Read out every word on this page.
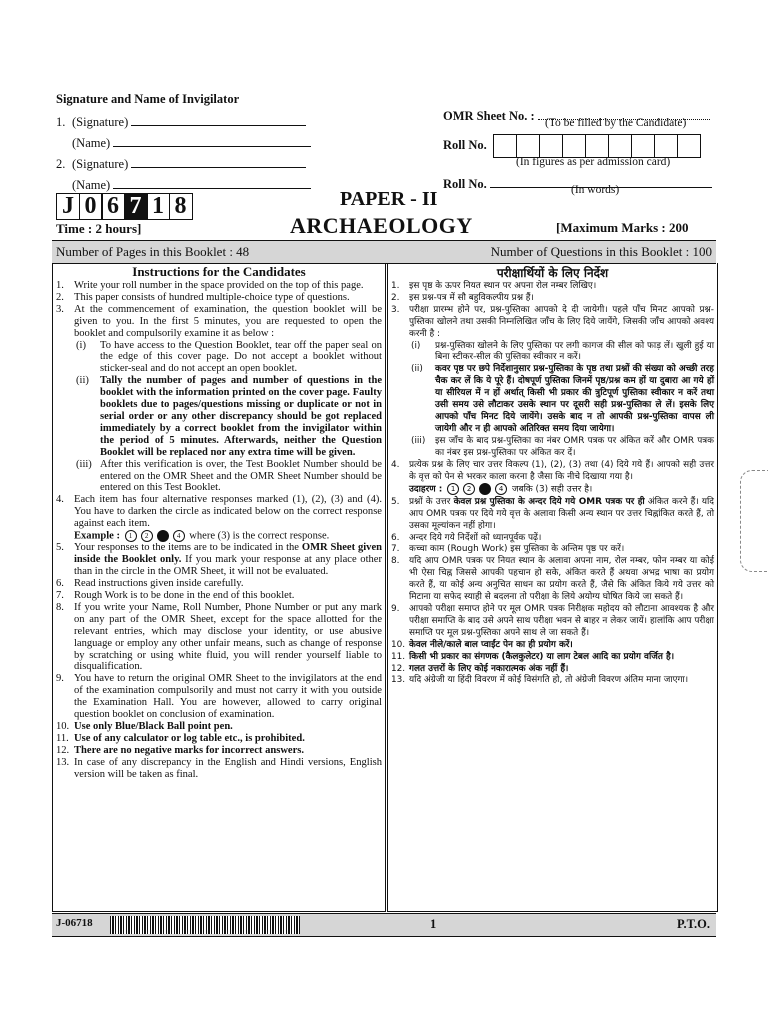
Signature and Name of Invigilator
1. (Signature)
(Name)
2. (Signature)
(Name)
OMR Sheet No. : (To be filled by the Candidate)
Roll No.
(In figures as per admission card)
Roll No.	(In words)
J 0 6 7 1 8	PAPER - II
ARCHAEOLOGY
Time : 2 hours]	[Maximum Marks : 200
Number of Pages in this Booklet : 48	Number of Questions in this Booklet : 100
Instructions for the Candidates
1. Write your roll number in the space provided on the top of this page.
2. This paper consists of hundred multiple-choice type of questions.
3. At the commencement of examination, the question booklet will be given to you. In the first 5 minutes, you are requested to open the booklet and compulsorily examine it as below :
(i)	To have access to the Question Booklet, tear off the paper seal on the edge of this cover page. Do not accept a booklet without sticker-seal and do not accept an open booklet.
(ii)	Tally the number of pages and number of questions in the booklet with the information printed on the cover page. Faulty booklets due to pages/questions missing or duplicate or not in serial order or any other discrepancy should be got replaced immediately by a correct booklet from the invigilator within the period of 5 minutes. Afterwards, neither the Question Booklet will be replaced nor any extra time will be given.
(iii) After this verification is over, the Test Booklet Number should be entered on the OMR Sheet and the OMR Sheet Number should be entered on this Test Booklet.
4. Each item has four alternative responses marked (1), (2), (3) and (4). You have to darken the circle as indicated below on the correct response against each item.
Example : 1 2	4 where (3) is the correct response.
5. Your responses to the items are to be indicated in the OMR Sheet given inside the Booklet only. If you mark your response at any place other than in the circle in the OMR Sheet, it will not be evaluated.
6. Read instructions given inside carefully.
7. Rough Work is to be done in the end of this booklet.
8. If you write your Name, Roll Number, Phone Number or put any mark on any part of the OMR Sheet, except for the space allotted for the relevant entries, which may disclose your identity, or use abusive language or employ any other unfair means, such as change of response by scratching or using white fluid, you will render yourself liable to disqualification.
9. You have to return the original OMR Sheet to the invigilators at the end of the examination compulsorily and must not carry it with you outside the Examination Hall. You are however, allowed to carry original question booklet on conclusion of examination.
10. Use only Blue/Black Ball point pen.
11. Use of any calculator or log table etc., is prohibited.
12. There are no negative marks for incorrect answers.
13. In case of any discrepancy in the English and Hindi versions, English version will be taken as final.
परीक्षार्थियों के लिए निर्देश
1.	इस पृष्ठ के ऊपर नियत स्थान पर अपना रोल नम्बर लिखिए।
2.	इस प्रश्न-पत्र में सौ बहुविकल्पीय प्रश्न हैं।
3.	परीक्षा प्रारम्भ होने पर, प्रश्न-पुस्तिका आपको दे दी जायेगी। पहले पाँच मिनट आपको प्रश्न-पुस्तिका खोलने तथा उसकी निम्नलिखित जाँच के लिए दिये जायेंगे, जिसकी जाँच आपको अवश्य करनी है :
(i)	प्रश्न-पुस्तिका खोलने के लिए पुस्तिका पर लगी कागज की सील को फाड़ लें। खुली हुई या बिना स्टीकर-सील की पुस्तिका स्वीकार न करें।
(ii)	कवर पृष्ठ पर छपे निर्देशानुसार प्रश्न-पुस्तिका के पृष्ठ तथा प्रश्नों की संख्या को अच्छी तरह चैक कर लें कि ये पूरे हैं। दोषपूर्ण पुस्तिका जिनमें पृष्ठ/प्रश्न कम हों या दुबारा आ गये हों या सीरियल में न हों अर्थात् किसी भी प्रकार की त्रुटिपूर्ण पुस्तिका स्वीकार न करें तथा उसी समय उसे लौटाकर उसके स्थान पर दूसरी सही प्रश्न-पुस्तिका ले लें। इसके लिए आपको पाँच मिनट दिये जायेंगे। उसके बाद न तो आपकी प्रश्न-पुस्तिका वापस ली जायेगी और न ही आपको अतिरिक्त समय दिया जायेगा।
(iii)	इस जाँच के बाद प्रश्न-पुस्तिका का नंबर OMR पत्रक पर अंकित करें और OMR पत्रक का नंबर इस प्रश्न-पुस्तिका पर अंकित कर दें।
4.	प्रत्येक प्रश्न के लिए चार उत्तर विकल्प (1), (2), (3) तथा (4) दिये गये हैं। आपको सही उत्तर के वृत्त को पेन से भरकर काला करना है जैसा कि नीचे दिखाया गया है।
उदाहरण : 1 2	4 जबकि (3) सही उत्तर है।
5.	प्रश्नों के उत्तर केवल प्रश्न पुस्तिका के अन्दर दिये गये OMR पत्रक पर ही अंकित करने हैं। यदि आप OMR पत्रक पर दिये गये वृत्त के अलावा किसी अन्य स्थान पर उत्तर चिह्नांकित करते हैं, तो उसका मूल्यांकन नहीं होगा।
6.	अन्दर दिये गये निर्देशों को ध्यानपूर्वक पढ़ें।
7.	कच्चा काम (Rough Work) इस पुस्तिका के अन्तिम पृष्ठ पर करें।
8.	यदि आप OMR पत्रक पर नियत स्थान के अलावा अपना नाम, रोल नम्बर, फोन नम्बर या कोई भी ऐसा चिह्न जिससे आपकी पहचान हो सके, अंकित करते हैं अथवा अभद्र भाषा का प्रयोग करते हैं, या कोई अन्य अनुचित साधन का प्रयोग करते हैं, जैसे कि अंकित किये गये उत्तर को मिटाना या सफेद स्याही से बदलना तो परीक्षा के लिये अयोग्य घोषित किये जा सकते हैं।
9.	आपको परीक्षा समाप्त होने पर मूल OMR पत्रक निरीक्षक महोदय को लौटाना आवश्यक है और परीक्षा समाप्ति के बाद उसे अपने साथ परीक्षा भवन से बाहर न लेकर जायें। हालांकि आप परीक्षा समाप्ति पर मूल प्रश्न-पुस्तिका अपने साथ ले जा सकते हैं।
10. केवल नीले/काले बाल प्वाईंट पेन का ही प्रयोग करें।
11. किसी भी प्रकार का संगणक (कैलकुलेटर) या लाग टेबल आदि का प्रयोग वर्जित है।
12. गलत उत्तरों के लिए कोई नकारात्मक अंक नहीं हैं।
13. यदि अंग्रेजी या हिंदी विवरण में कोई विसंगति हो, तो अंग्रेजी विवरण अंतिम माना जाएगा।
J-06718	1	P.T.O.
